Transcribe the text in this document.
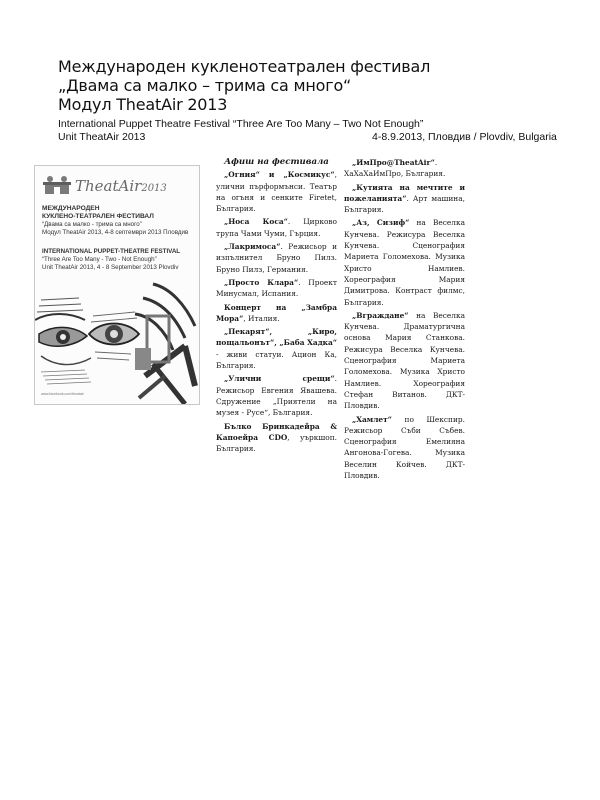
Международен кукленотеатрален фестивал
„Двама са малко – трима са много“
Модул TheatAir 2013
International Puppet Theatre Festival “Three Are Too Many – Two Not Enough”
Unit TheatAir 2013	4-8.9.2013, Пловдив / Plovdiv, Bulgaria
TheatAir2013
МЕЖДУНАРОДЕН
КУКЛЕНО-ТЕАТРАЛЕН ФЕСТИВАЛ
“Двама са малко - трима са много”
Модул TheatAir 2013, 4-8 септември 2013 Пловдив
INTERNATIONAL PUPPET-THEATRE FESTIVAL
“Three Are Too Many - Two - Not Enough”
Unit TheatAir 2013, 4 - 8 September 2013 Plovdiv
www.facebook.com/theatair

Афиш на фестивала

„Огния“ и „Космикус“, улични пърформънси. Театър на огъня и сенките Firetet, България.

„Носа Коса“. Цирково трупа Чами Чуми, Гърция.

„Лакримоса“. Режисьор и изпълнител Бруно Пилз. Бруно Пилз, Германия.

„Просто Клара“. Проект Минусмал, Испания.

Концерт на „Замбра Мора“, Италия.

„Пекарят“, „Киро, пощальонът“, „Баба Хадка“ - живи статуи. Ацион Ка, България.

„Улични срещи“. Режисьор Евгения Явашева. Сдружение „Приятели на музея - Русе“, България.

Бълко Бринкадейра & Капоейра CDO, уъркшоп. България.

„ИмПро@TheatAir“. ХаХаХаИмПро, България.

„Кутията на мечтите и пожеланията“. Арт машина, България.

„Аз, Сизиф“ на Веселка Кунчева. Режисура Веселка Кунчева. Сценография Мариета Голомехова. Музика Христо Намлиев. Хореография Мария Димитрова. Контраст филмс, България.

„Вграждане“ на Веселка Кунчева. Драматургична основа Мария Станкова. Режисура Веселка Кунчева. Сценография Мариета Голомехова. Музика Христо Намлиев. Хореография Стефан Витанов. ДКТ-Пловдив.

„Хамлет“ по Шекспир. Режисьор Съби Събев. Сценография Емелияна Ангонова-Гогева. Музика Веселин Койчев. ДКТ-Пловдив.
